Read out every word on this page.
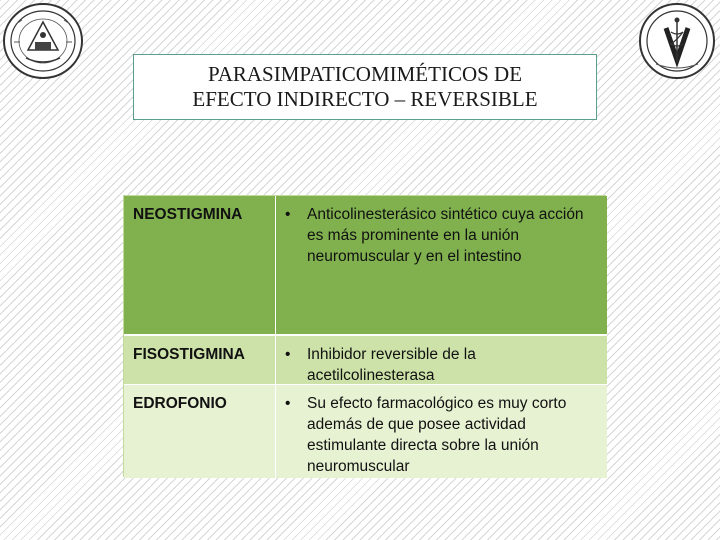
PARASIMPATICOMIMÉTICOS DE
EFECTO INDIRECTO – REVERSIBLE
NEOSTIGMINA	•	Anticolinesterásico sintético cuya acción es más prominente en la unión neuromuscular y en el intestino
FISOSTIGMINA	•	Inhibidor reversible de la acetilcolinesterasa
EDROFONIO	•	Su efecto farmacológico es muy corto además de que posee actividad estimulante directa sobre la unión neuromuscular
